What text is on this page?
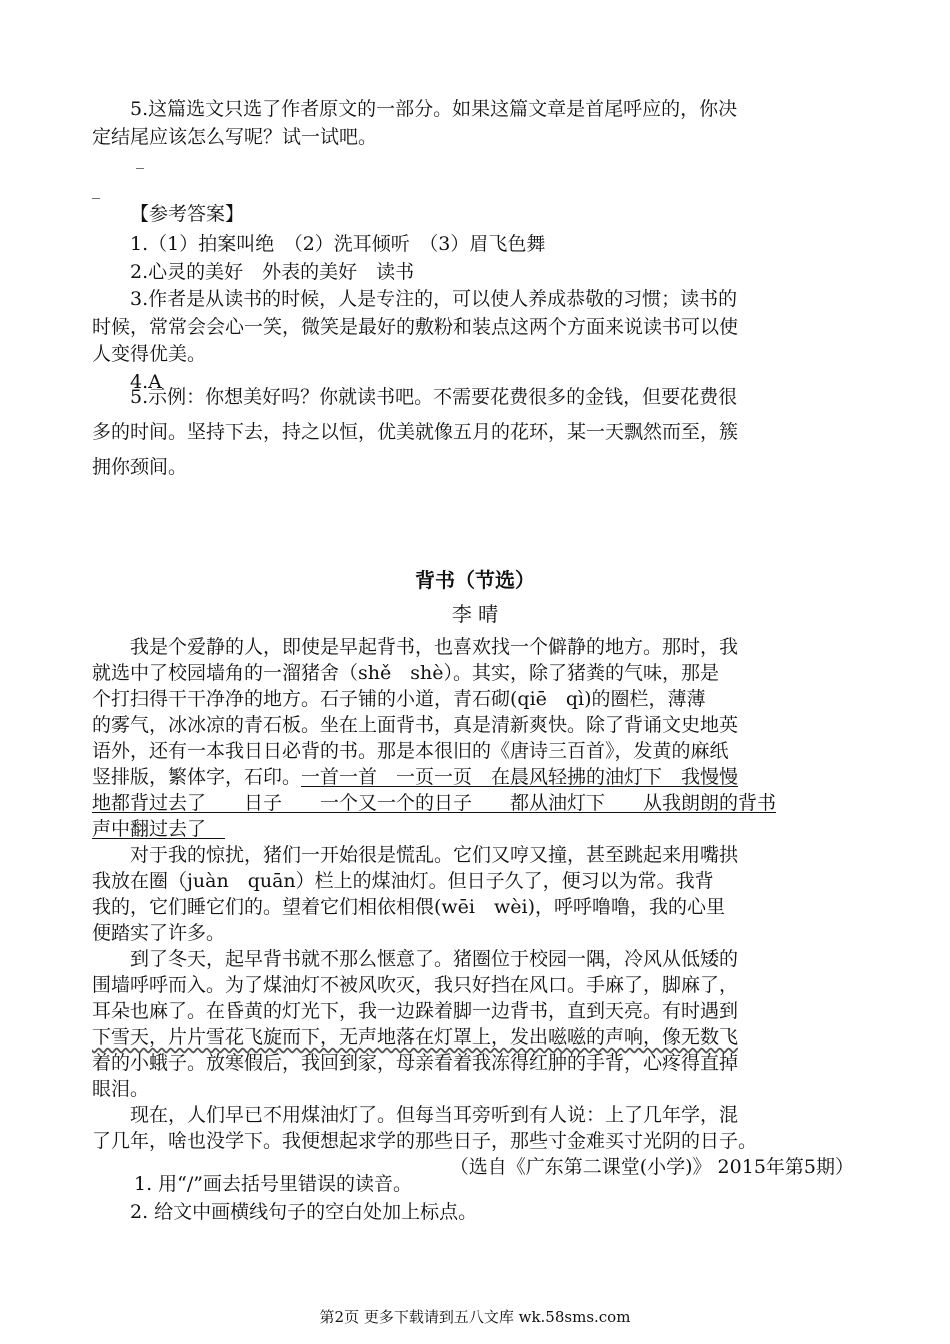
5.这篇选文只选了作者原文的一部分。如果这篇文章是首尾呼应的，你决
定结尾应该怎么写呢？试一试吧。

_
_

【参考答案】

1.（1）拍案叫绝　（2）洗耳倾听　（3）眉飞色舞
2.心灵的美好　外表的美好　读书
3.作者是从读书的时候，人是专注的，可以使人养成恭敬的习惯；读书的
时候，常常会会心一笑，微笑是最好的敷粉和装点这两个方面来说读书可以使
人变得优美。
4.A

5.示例：你想美好吗？你就读书吧。不需要花费很多的金钱，但要花费很
多的时间。坚持下去，持之以恒，优美就像五月的花环，某一天飘然而至，簇
拥你颈间。

背书（节选）
李 晴

我是个爱静的人，即使是早起背书，也喜欢找一个僻静的地方。那时，我
就选中了校园墙角的一溜猪舍（shě　shè）。其实，除了猪粪的气味，那是
个打扫得干干净净的地方。石子铺的小道，青石砌(qiē　qì)的圈栏，薄薄
的雾气，冰冰凉的青石板。坐在上面背书，真是清新爽快。除了背诵文史地英
语外，还有一本我日日必背的书。那是本很旧的《唐诗三百首》，发黄的麻纸
竖排版，繁体字，石印。一首一首　一页一页　在晨风轻拂的油灯下　我慢慢
地都背过去了　　日子　　一个又一个的日子　　都从油灯下　　从我朗朗的背书
声中翻过去了　

对于我的惊扰，猪们一开始很是慌乱。它们又哼又撞，甚至跳起来用嘴拱
我放在圈（juàn　quān）栏上的煤油灯。但日子久了，便习以为常。我背
我的，它们睡它们的。望着它们相依相偎(wēi　wèi)，呼呼噜噜，我的心里
便踏实了许多。

到了冬天，起早背书就不那么惬意了。猪圈位于校园一隅，冷风从低矮的
围墙呼呼而入。为了煤油灯不被风吹灭，我只好挡在风口。手麻了，脚麻了，
耳朵也麻了。在昏黄的灯光下，我一边跺着脚一边背书，直到天亮。有时遇到
下雪天，片片雪花飞旋而下，无声地落在灯罩上，发出嗞嗞的声响，像无数飞
着的小蛾子。放寒假后，我回到家，母亲看着我冻得红肿的手背，心疼得直掉
眼泪。

现在，人们早已不用煤油灯了。但每当耳旁听到有人说：上了几年学，混
了几年，啥也没学下。我便想起求学的那些日子，那些寸金难买寸光阴的日子。
（选自《广东第二课堂(小学)》 2015年第5期）

1. 用“/”画去括号里错误的读音。
2. 给文中画横线句子的空白处加上标点。

第2页 更多下载请到五八文库 wk.58sms.com
